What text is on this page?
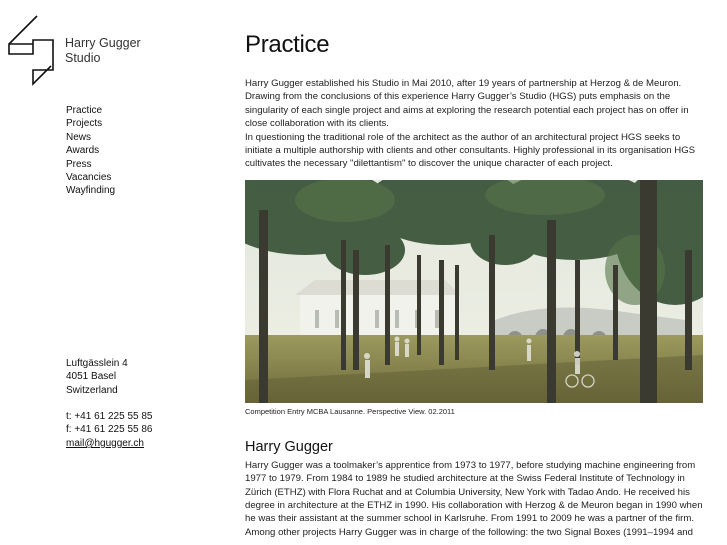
Harry Gugger
Studio
Practice
Projects
News
Awards
Press
Vacancies
Wayfinding
Luftgässlein 4
4051 Basel
Switzerland
t: +41 61 225 55 85
f: +41 61 225 55 86
mail@hgugger.ch
Practice

Harry Gugger established his Studio in Mai 2010, after 19 years of partnership at Herzog & de Meuron. Drawing from the conclusions of this experience Harry Gugger’s Studio (HGS) puts emphasis on the singularity of each single project and aims at exploring the research potential each project has on offer in close collaboration with its clients.

In questioning the traditional role of the architect as the author of an architectural project HGS seeks to initiate a multiple authorship with clients and other consultants. Highly professional in its organisation HGS cultivates the necessary "dilettantism" to discover the unique character of each project.

Competition Entry MCBA Lausanne. Perspective View. 02.2011
Harry Gugger

Harry Gugger was a toolmaker’s apprentice from 1973 to 1977, before studying machine engineering from 1977 to 1979. From 1984 to 1989 he studied architecture at the Swiss Federal Institute of Technology in Zürich (ETHZ) with Flora Ruchat and at Columbia University, New York with Tadao Ando. He received his degree in architecture at the ETHZ in 1990. His collaboration with Herzog & de Meuron began in 1990 when he was their assistant at the summer school in Karlsruhe. From 1991 to 2009 he was a partner of the firm.

Among other projects Harry Gugger was in charge of the following: the two Signal Boxes (1991–1994 and
